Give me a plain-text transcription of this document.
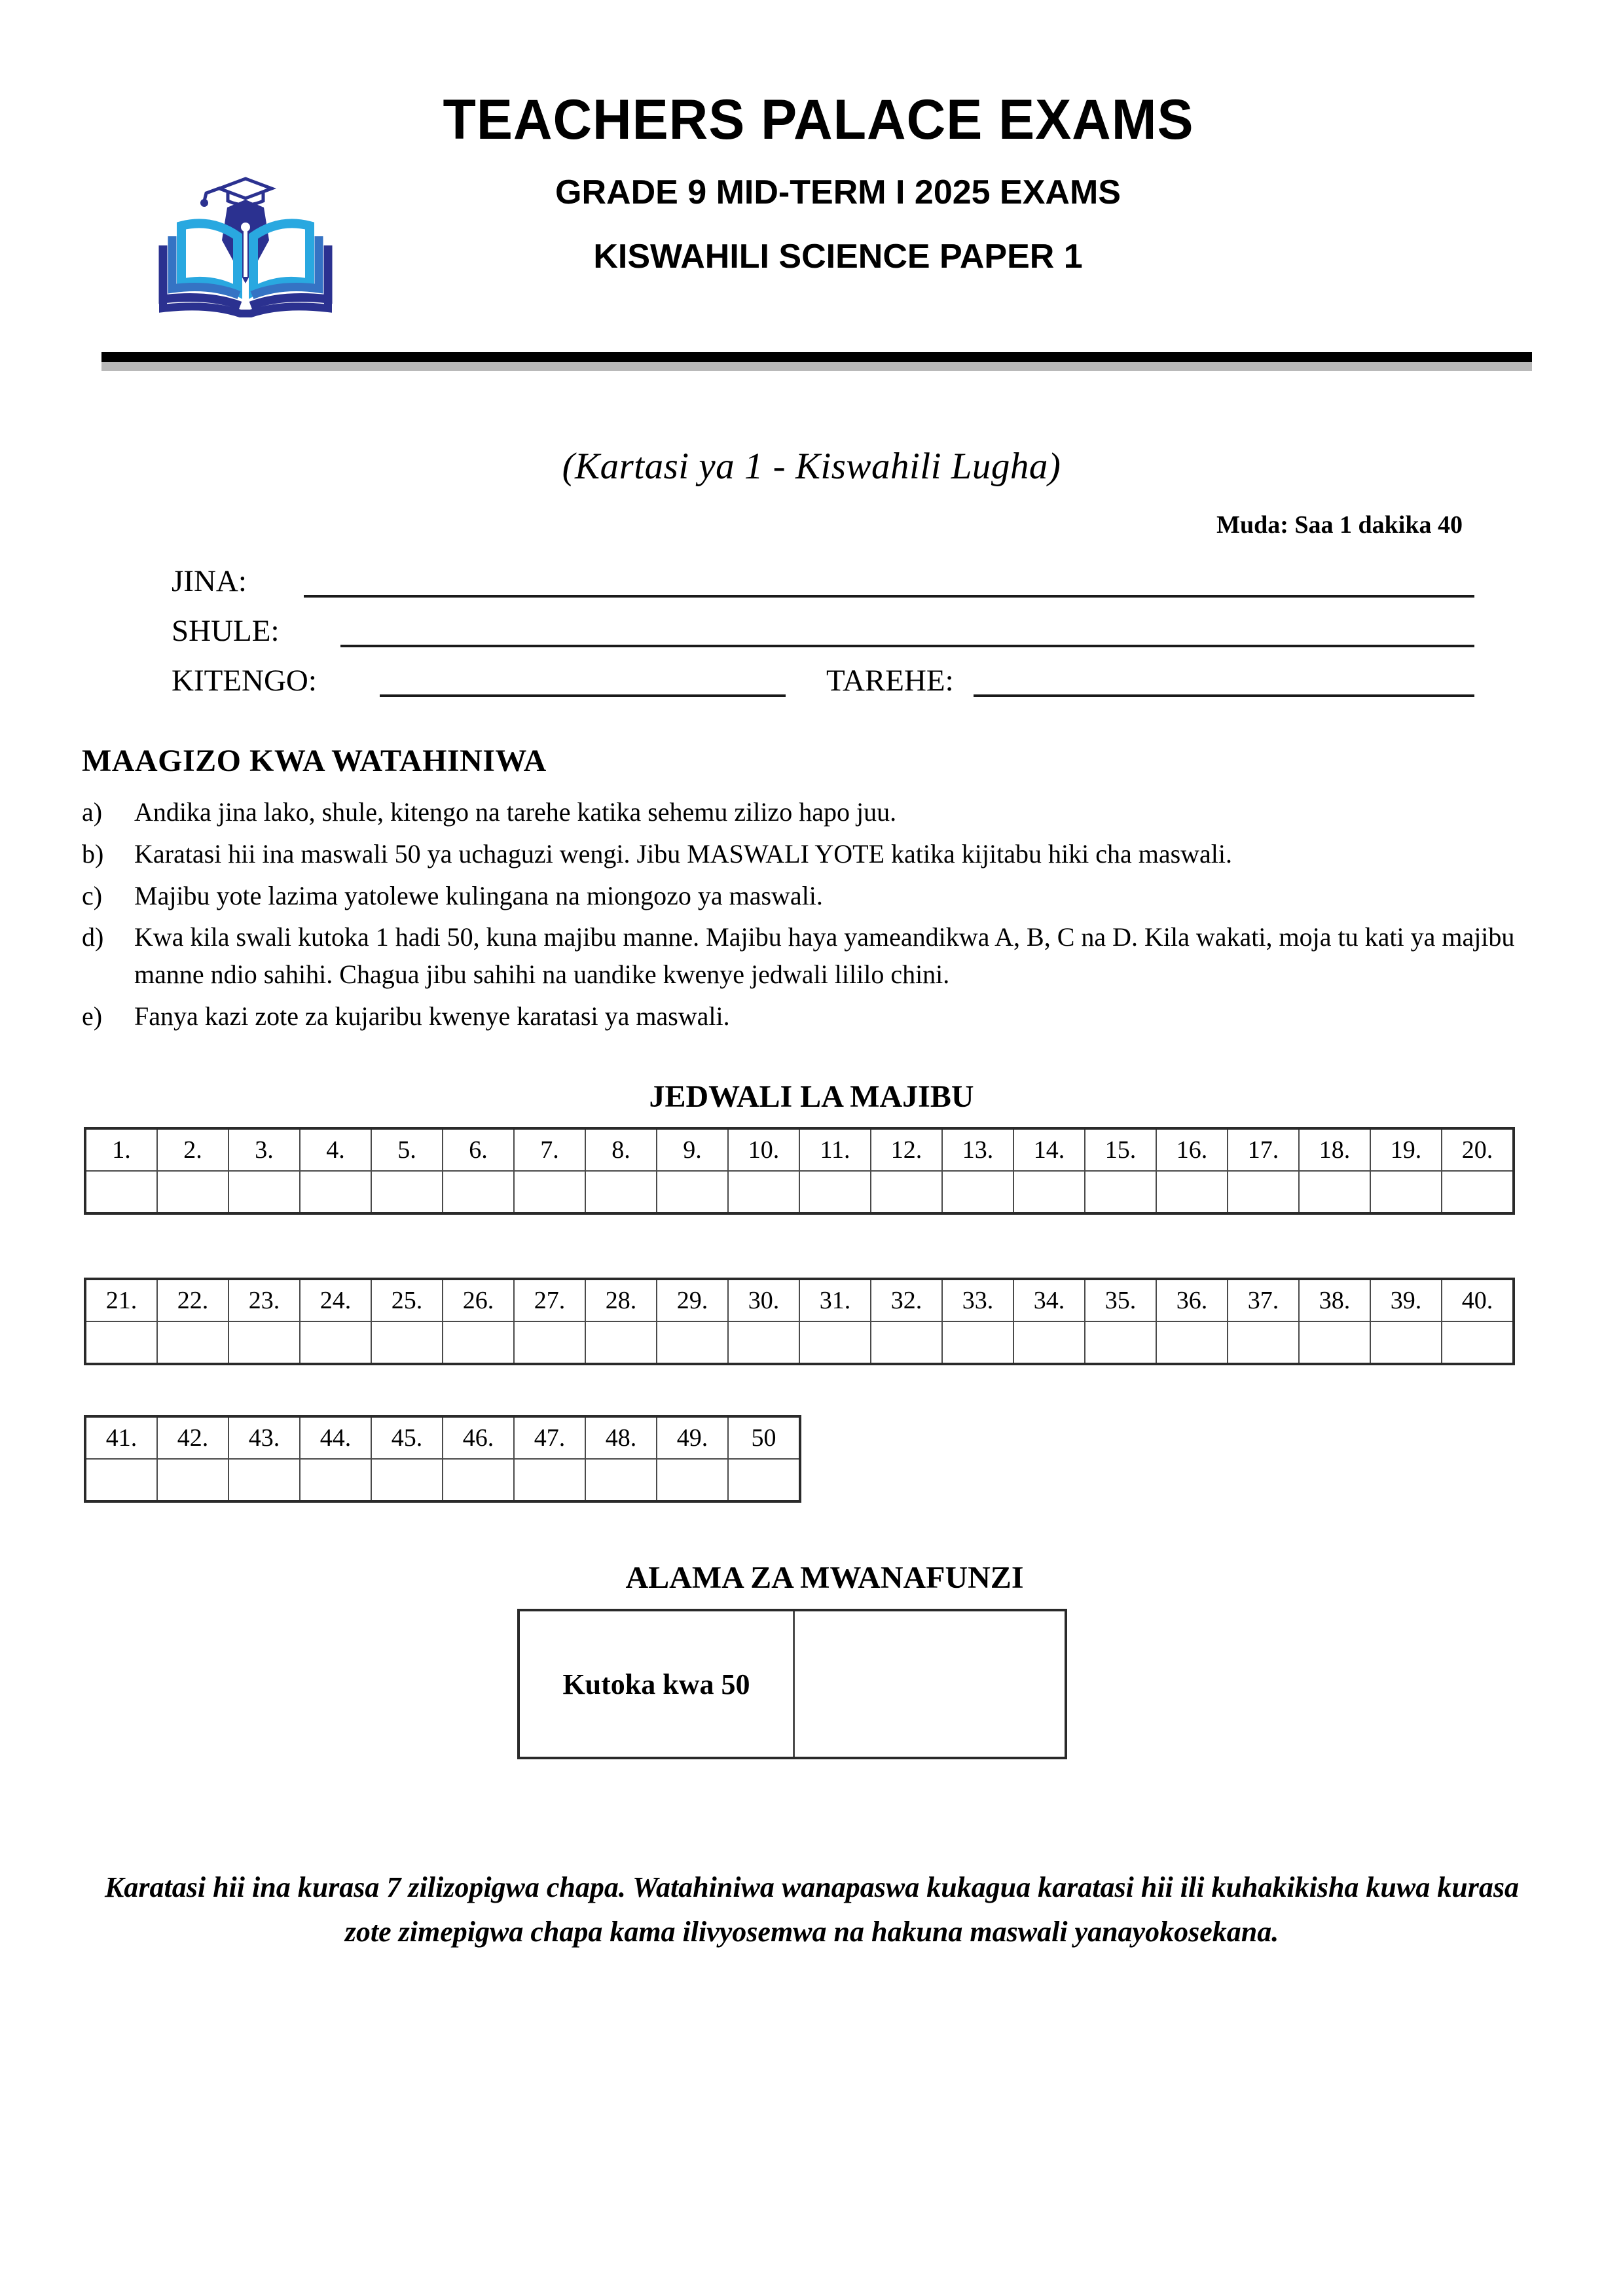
TEACHERS PALACE EXAMS
GRADE 9 MID-TERM I 2025 EXAMS
KISWAHILI SCIENCE PAPER 1
(Kartasi ya 1 - Kiswahili Lugha)
Muda: Saa 1 dakika 40
JINA:
SHULE:
KITENGO:	TAREHE:
MAAGIZO KWA WATAHINIWA
a) Andika jina lako, shule, kitengo na tarehe katika sehemu zilizo hapo juu.
b) Karatasi hii ina maswali 50 ya uchaguzi wengi. Jibu MASWALI YOTE katika kijitabu hiki cha maswali.
c) Majibu yote lazima yatolewe kulingana na miongozo ya maswali.
d) Kwa kila swali kutoka 1 hadi 50, kuna majibu manne. Majibu haya yameandikwa A, B, C na D. Kila wakati, moja tu kati ya majibu manne ndio sahihi. Chagua jibu sahihi na uandike kwenye jedwali lililo chini.
e) Fanya kazi zote za kujaribu kwenye karatasi ya maswali.
JEDWALI LA MAJIBU
1.	2.	3.	4.	5.	6.	7.	8.	9.	10.	11.	12.	13.	14.	15.	16.	17.	18.	19.	20.

21.	22.	23.	24.	25.	26.	27.	28.	29.	30.	31.	32.	33.	34.	35.	36.	37.	38.	39.	40.

41.	42.	43.	44.	45.	46.	47.	48.	49.	50

ALAMA ZA MWANAFUNZI
Kutoka kwa 50
Karatasi hii ina kurasa 7 zilizopigwa chapa. Watahiniwa wanapaswa kukagua karatasi hii ili kuhakikisha kuwa kurasa zote zimepigwa chapa kama ilivyosemwa na hakuna maswali yanayokosekana.
